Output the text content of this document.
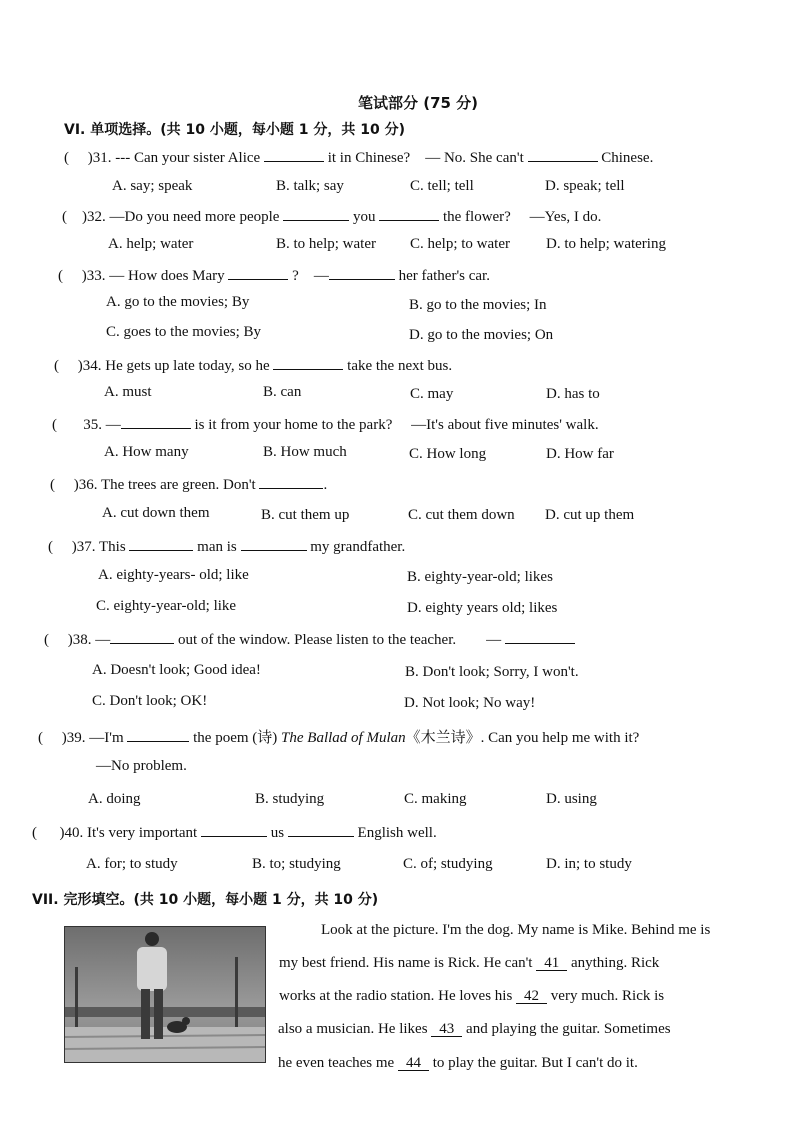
笔试部分 (75 分)
VI. 单项选择。(共 10 小题，每小题 1 分，共 10 分)
( )31. --- Can your sister Alice	it in Chinese? — No. She can't	Chinese.
A. say; speak	B. talk; say	C. tell; tell	D. speak; tell
( )32. —Do you need more people	you	the flower? —Yes, I do.
A. help; water	B. to help; water C. help; to water D. to help; watering
( )33. — How does Mary	? —	her father's car.
A. go to the movies; By	B. go to the movies; In
C. goes to the movies; By	D. go to the movies; On
( )34. He gets up late today, so he	take the next bus.
A. must	B. can	C. may	D. has to
( 35. —	is it from your home to the park? —It's about five minutes' walk.
A. How many	B. How much	C. How long	D. How far
( )36. The trees are green. Don't	.
A. cut down them	B. cut them up	C. cut them down D. cut up them
( )37. This	man is	my grandfather.
A. eighty-years- old; like	B. eighty-year-old; likes
C. eighty-year-old; like	D. eighty years old; likes
( )38. —	out of the window. Please listen to the teacher. —
A. Doesn't look; Good idea!	B. Don't look; Sorry, I won't.
C. Don't look; OK!	D. Not look; No way!
( )39. —I'm	the poem (诗) The Ballad of Mulan《木兰诗》. Can you help me with it?
—No problem.
A. doing	B. studying	C. making	D. using
( )40. It's very important	us	English well.
A. for; to study	B. to; studying	C. of; studying	D. in; to study
VII. 完形填空。(共 10 小题，每小题 1 分，共 10 分)
Look at the picture. I'm the dog. My name is Mike. Behind me is
my best friend. His name is Rick. He can't 41 anything. Rick
works at the radio station. He loves his 42 very much. Rick is
also a musician. He likes 43 and playing the guitar. Sometimes
he even teaches me 44 to play the guitar. But I can't do it.
